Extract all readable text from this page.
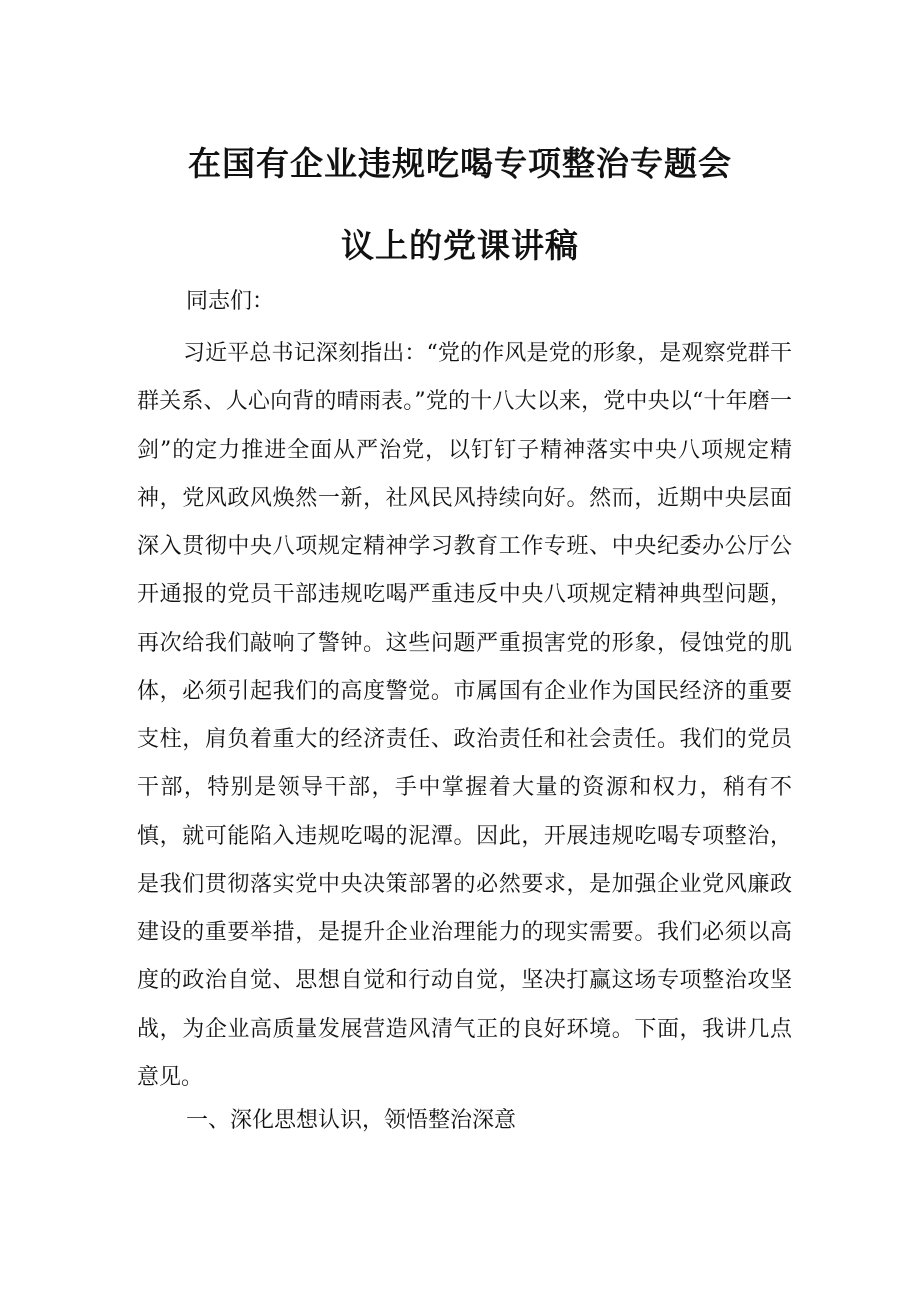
在国有企业违规吃喝专项整治专题会
议上的党课讲稿

同志们：

习近平总书记深刻指出：“党的作风是党的形象，是观察党群干群关系、人心向背的晴雨表。”党的十八大以来，党中央以“十年磨一剑”的定力推进全面从严治党，以钉钉子精神落实中央八项规定精神，党风政风焕然一新，社风民风持续向好。然而，近期中央层面深入贯彻中央八项规定精神学习教育工作专班、中央纪委办公厅公开通报的党员干部违规吃喝严重违反中央八项规定精神典型问题，再次给我们敲响了警钟。这些问题严重损害党的形象，侵蚀党的肌体，必须引起我们的高度警觉。市属国有企业作为国民经济的重要支柱，肩负着重大的经济责任、政治责任和社会责任。我们的党员干部，特别是领导干部，手中掌握着大量的资源和权力，稍有不慎，就可能陷入违规吃喝的泥潭。因此，开展违规吃喝专项整治，是我们贯彻落实党中央决策部署的必然要求，是加强企业党风廉政建设的重要举措，是提升企业治理能力的现实需要。我们必须以高度的政治自觉、思想自觉和行动自觉，坚决打赢这场专项整治攻坚战，为企业高质量发展营造风清气正的良好环境。下面，我讲几点意见。

一、深化思想认识，领悟整治深意
